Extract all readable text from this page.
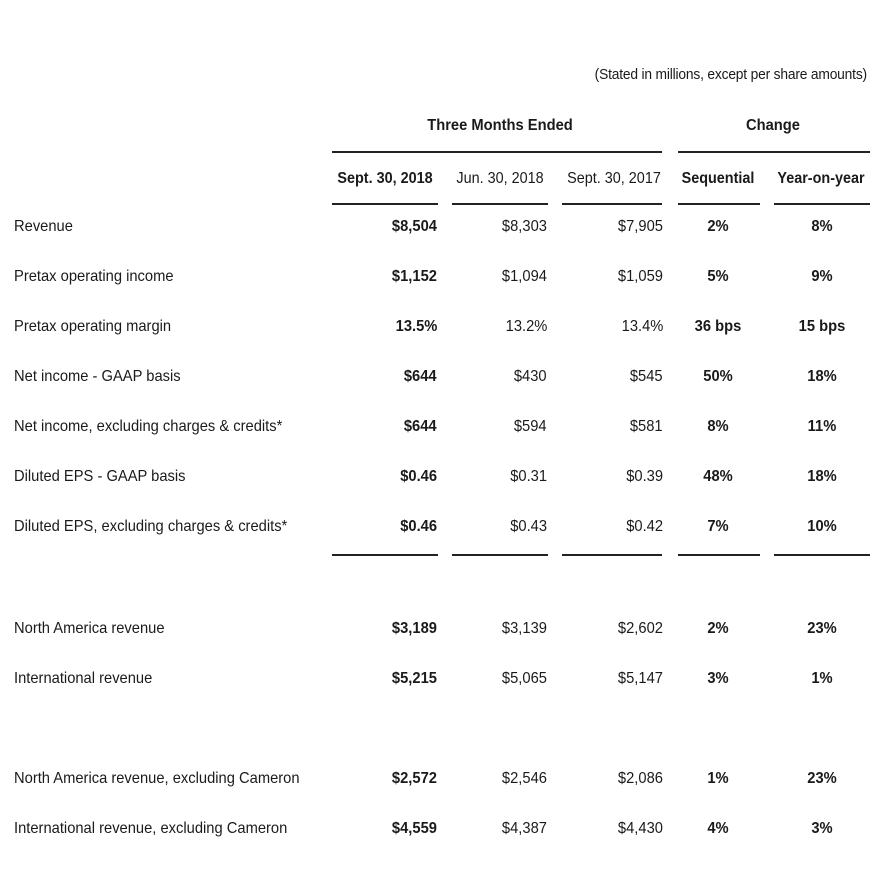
(Stated in millions, except per share amounts)
Three Months Ended	Change
Sept. 30, 2018	Jun. 30, 2018	Sept. 30, 2017	Sequential	Year-on-year
Revenue	$8,504	$8,303	$7,905	2%	8%
Pretax operating income	$1,152	$1,094	$1,059	5%	9%
Pretax operating margin	13.5%	13.2%	13.4%	36 bps	15 bps
Net income - GAAP basis	$644	$430	$545	50%	18%
Net income, excluding charges & credits*	$644	$594	$581	8%	11%
Diluted EPS - GAAP basis	$0.46	$0.31	$0.39	48%	18%
Diluted EPS, excluding charges & credits*	$0.46	$0.43	$0.42	7%	10%
North America revenue	$3,189	$3,139	$2,602	2%	23%
International revenue	$5,215	$5,065	$5,147	3%	1%
North America revenue, excluding Cameron	$2,572	$2,546	$2,086	1%	23%
International revenue, excluding Cameron	$4,559	$4,387	$4,430	4%	3%
